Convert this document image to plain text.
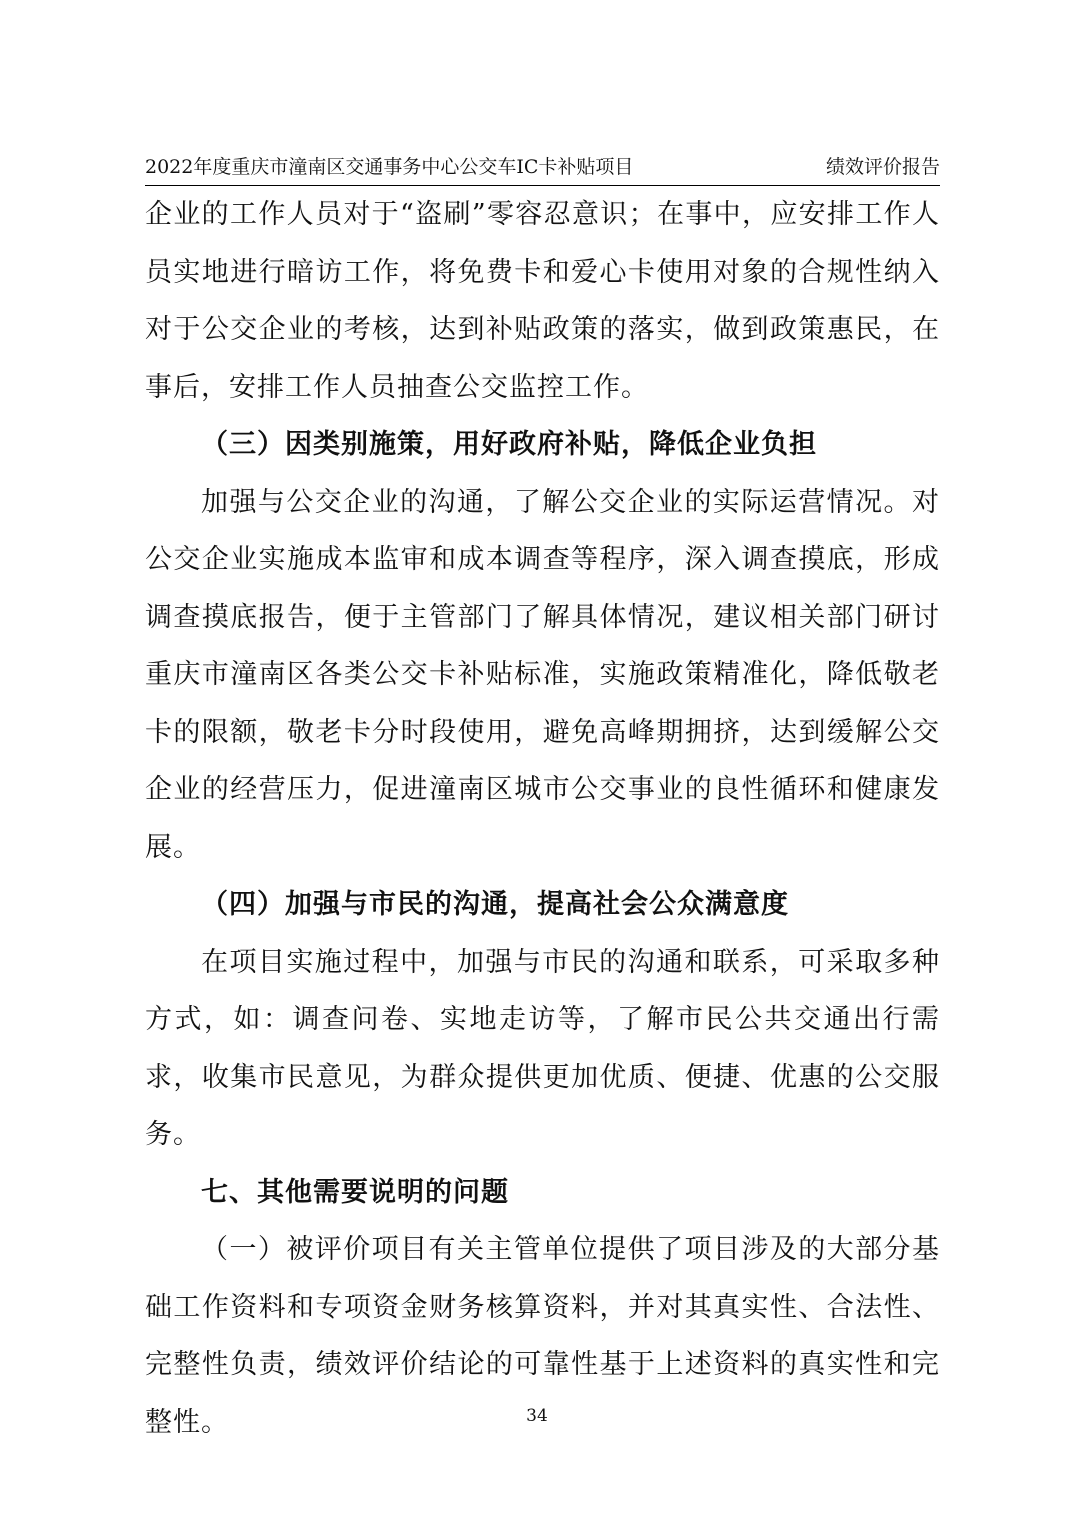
2022年度重庆市潼南区交通事务中心公交车IC卡补贴项目	绩效评价报告

企业的工作人员对于“盗刷”零容忍意识；在事中，应安排工作人员实地进行暗访工作，将免费卡和爱心卡使用对象的合规性纳入对于公交企业的考核，达到补贴政策的落实，做到政策惠民，在事后，安排工作人员抽查公交监控工作。

（三）因类别施策，用好政府补贴，降低企业负担

加强与公交企业的沟通，了解公交企业的实际运营情况。对公交企业实施成本监审和成本调查等程序，深入调查摸底，形成调查摸底报告，便于主管部门了解具体情况，建议相关部门研讨重庆市潼南区各类公交卡补贴标准，实施政策精准化，降低敬老卡的限额，敬老卡分时段使用，避免高峰期拥挤，达到缓解公交企业的经营压力，促进潼南区城市公交事业的良性循环和健康发展。

（四）加强与市民的沟通，提高社会公众满意度

在项目实施过程中，加强与市民的沟通和联系，可采取多种方式，如：调查问卷、实地走访等，了解市民公共交通出行需求，收集市民意见，为群众提供更加优质、便捷、优惠的公交服务。

七、其他需要说明的问题

（一）被评价项目有关主管单位提供了项目涉及的大部分基础工作资料和专项资金财务核算资料，并对其真实性、合法性、完整性负责，绩效评价结论的可靠性基于上述资料的真实性和完整性。	34
